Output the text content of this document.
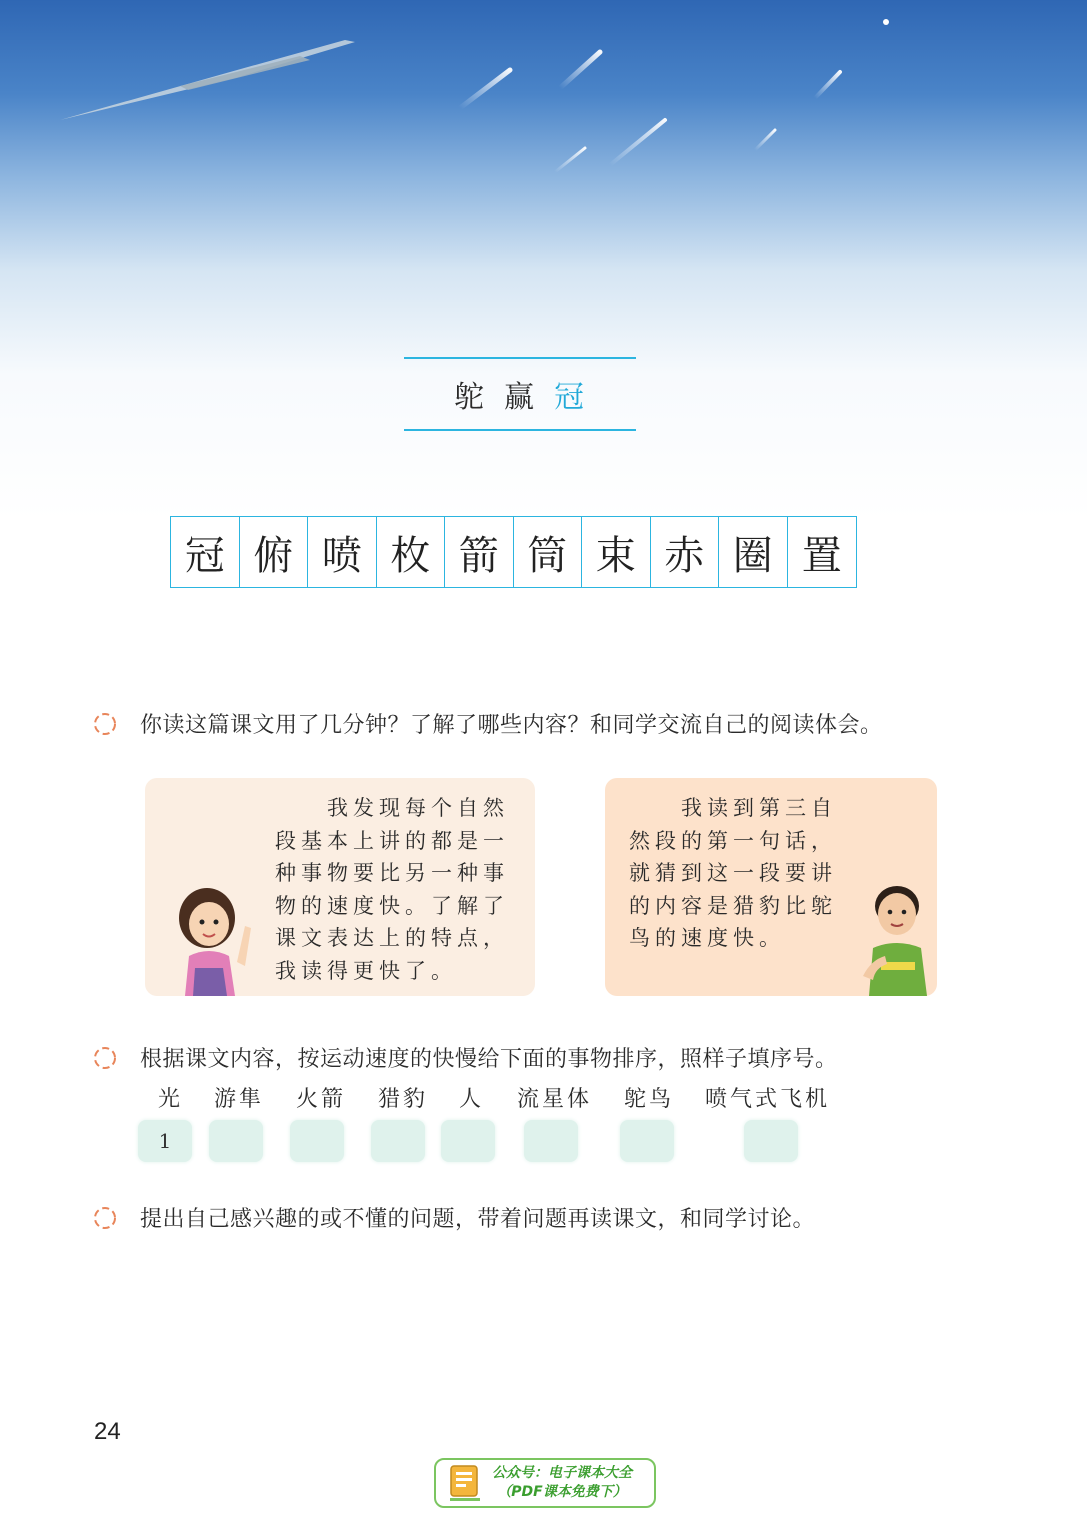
鸵 赢 冠
冠 俯 喷 枚 箭 筒 束 赤 圈 置
你读这篇课文用了几分钟？了解了哪些内容？和同学交流自己的阅读体会。
　　我发现每个自然
段基本上讲的都是一
种事物要比另一种事
物的速度快。了解了
课文表达上的特点，
我读得更快了。
　　我读到第三自
然段的第一句话，
就猜到这一段要讲
的内容是猎豹比鸵
鸟的速度快。
根据课文内容，按运动速度的快慢给下面的事物排序，照样子填序号。
光 游隼 火箭 猎豹 人 流星体 鸵鸟 喷气式飞机
1
提出自己感兴趣的或不懂的问题，带着问题再读课文，和同学讨论。
24
公众号：电子课本大全
（PDF课本免费下）
